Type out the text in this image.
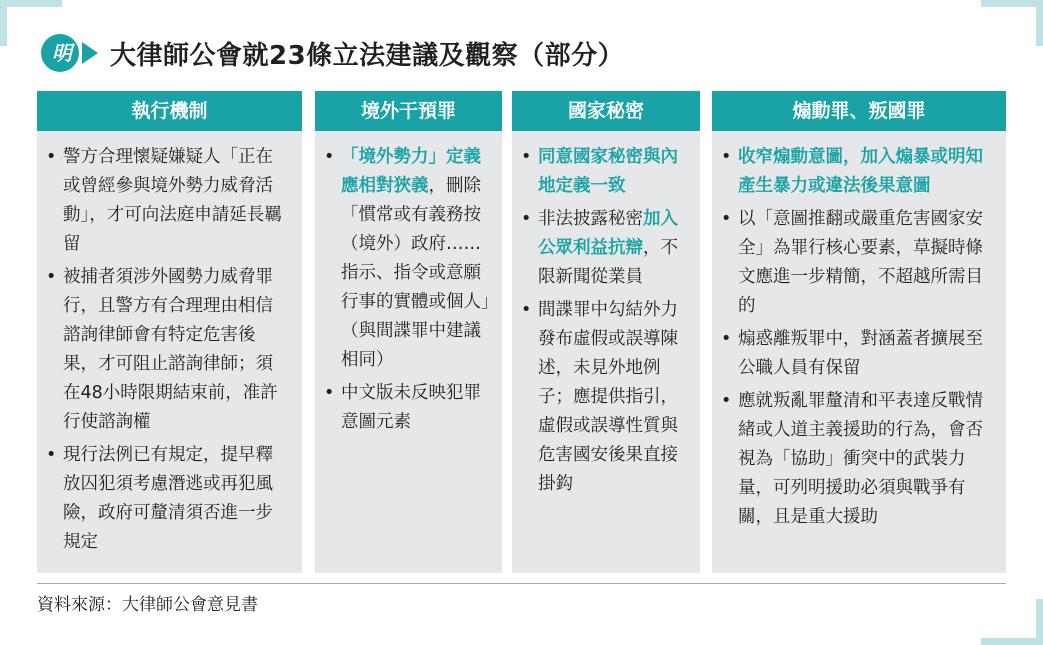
明	大律師公會就23條立法建議及觀察（部分）
執行機制
• 警方合理懷疑嫌疑人「正在或曾經參與境外勢力威脅活動」，才可向法庭申請延長羈留
• 被捕者須涉外國勢力威脅罪行，且警方有合理理由相信諮詢律師會有特定危害後果，才可阻止諮詢律師；須在48小時限期結束前，准許行使諮詢權
• 現行法例已有規定，提早釋放囚犯須考慮潛逃或再犯風險，政府可釐清須否進一步規定
境外干預罪
• 「境外勢力」定義應相對狹義，刪除「慣常或有義務按（境外）政府……指示、指令或意願行事的實體或個人」（與間諜罪中建議相同）
• 中文版未反映犯罪意圖元素
國家秘密
• 同意國家秘密與內地定義一致
• 非法披露秘密加入公眾利益抗辯，不限新聞從業員
• 間諜罪中勾結外力發布虛假或誤導陳述，未見外地例子；應提供指引，虛假或誤導性質與危害國安後果直接掛鈎
煽動罪、叛國罪
• 收窄煽動意圖，加入煽暴或明知產生暴力或違法後果意圖
• 以「意圖推翻或嚴重危害國家安全」為罪行核心要素，草擬時條文應進一步精簡，不超越所需目的
• 煽惑離叛罪中，對涵蓋者擴展至公職人員有保留
• 應就叛亂罪釐清和平表達反戰情緒或人道主義援助的行為，會否視為「協助」衝突中的武裝力量，可列明援助必須與戰爭有關，且是重大援助
資料來源：大律師公會意見書
